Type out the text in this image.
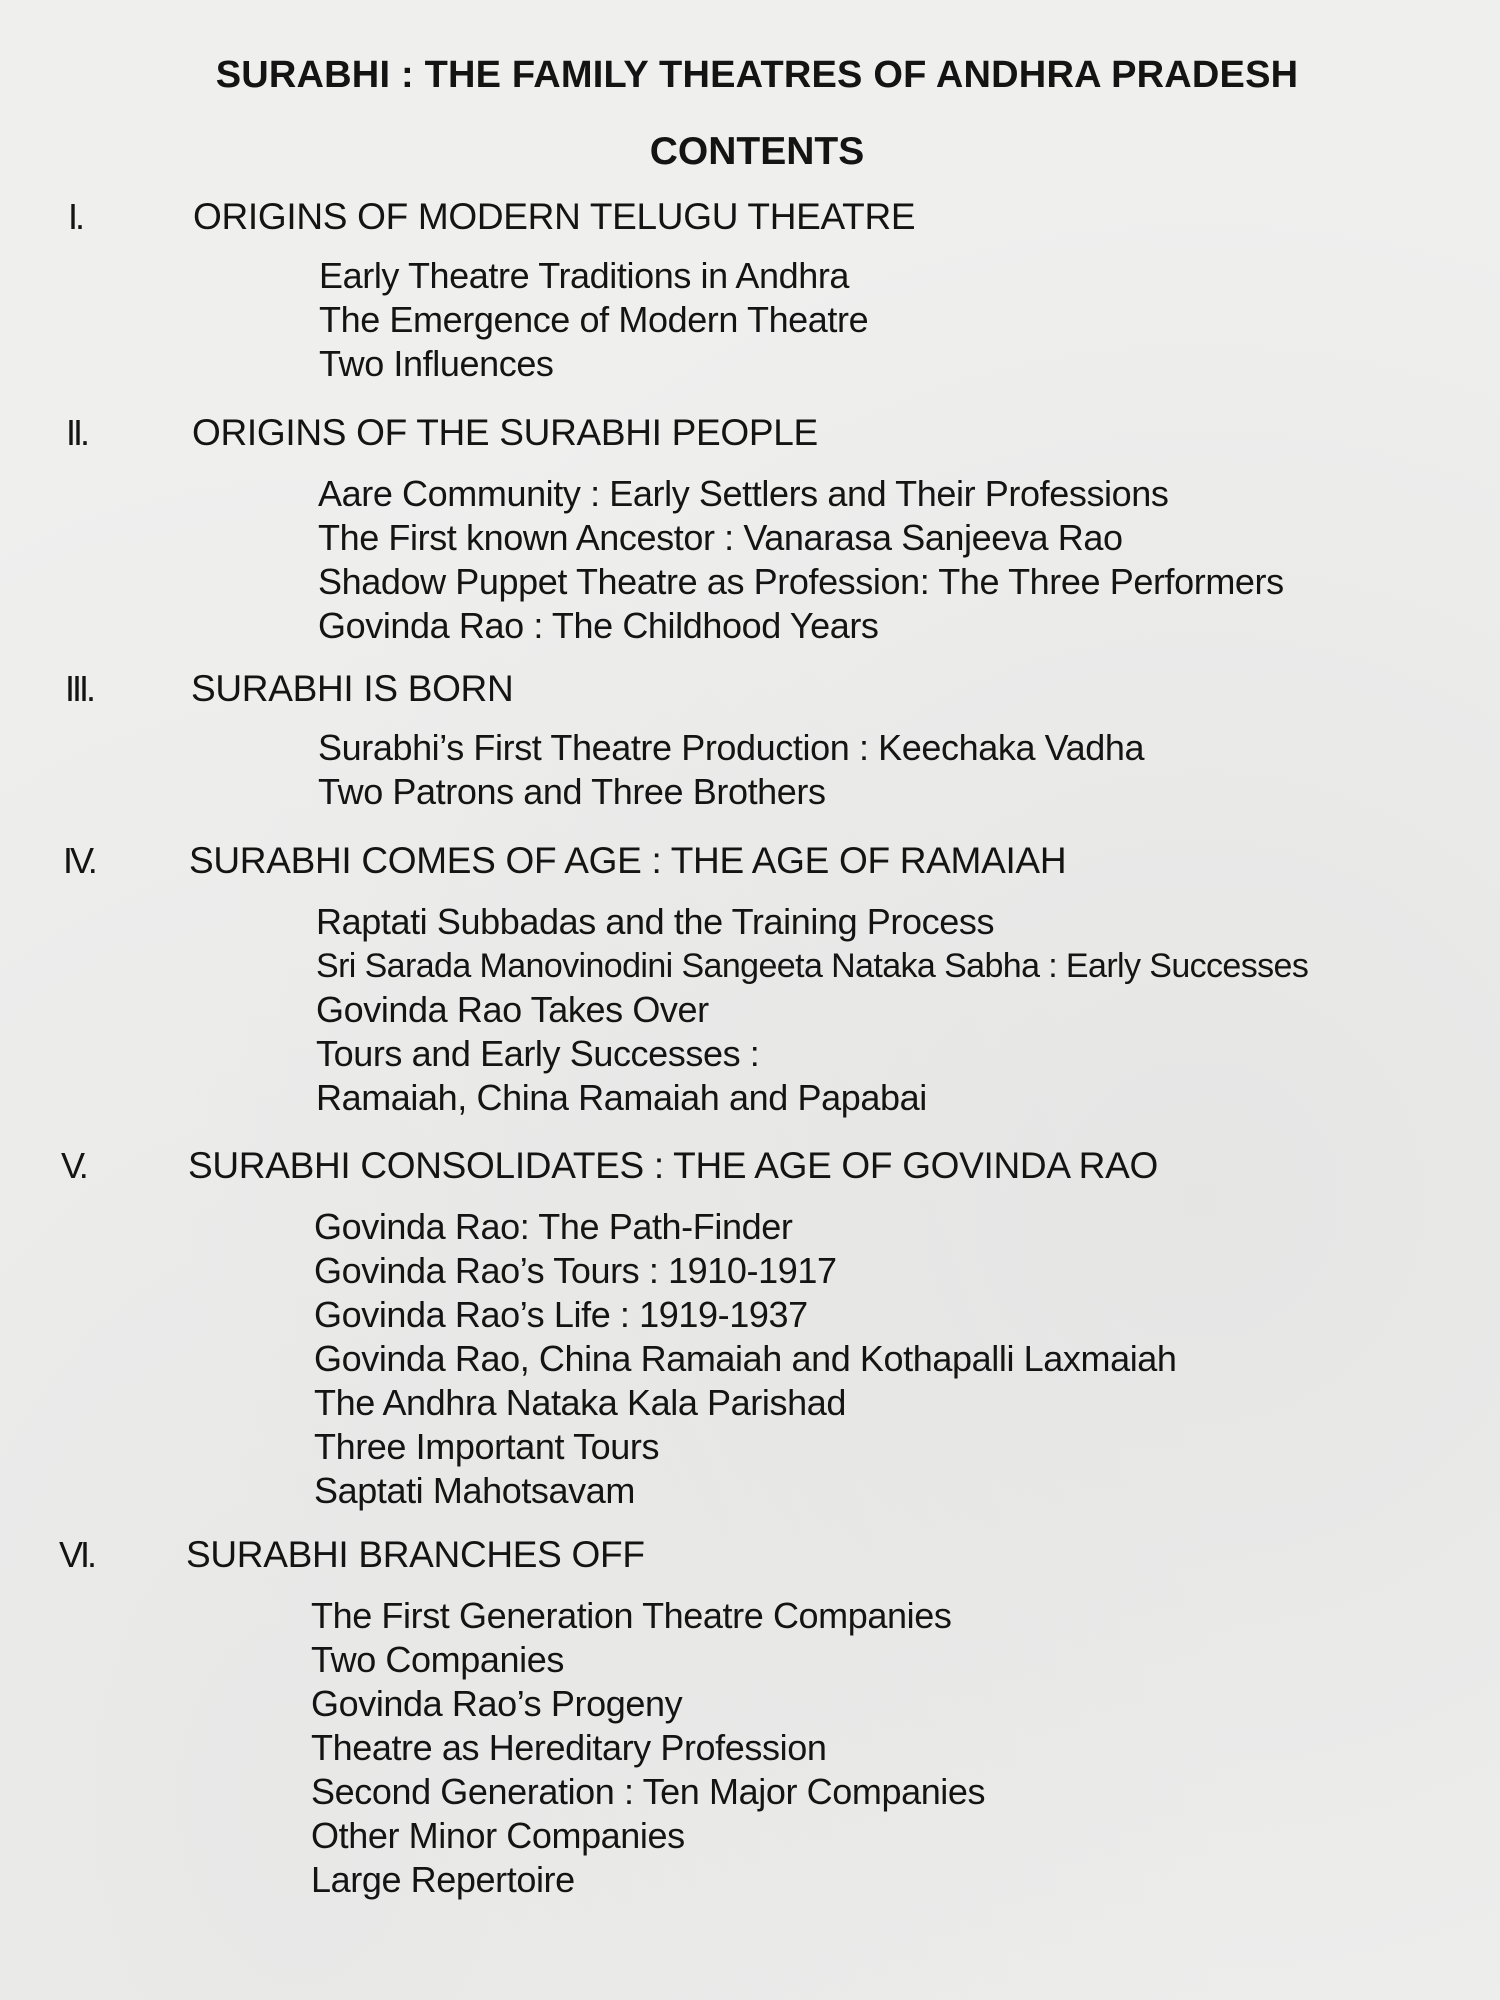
SURABHI : THE FAMILY THEATRES OF ANDHRA PRADESH
CONTENTS
I.	ORIGINS OF MODERN TELUGU THEATRE
Early Theatre Traditions in Andhra
The Emergence of Modern Theatre
Two Influences
II.	ORIGINS OF THE SURABHI PEOPLE
Aare Community : Early Settlers and Their Professions
The First known Ancestor : Vanarasa Sanjeeva Rao
Shadow Puppet Theatre as Profession: The Three Performers
Govinda Rao : The Childhood Years
III.	SURABHI IS BORN
Surabhi’s First Theatre Production : Keechaka Vadha
Two Patrons and Three Brothers
IV.	SURABHI COMES OF AGE : THE AGE OF RAMAIAH
Raptati Subbadas and the Training Process
Sri Sarada Manovinodini Sangeeta Nataka Sabha : Early Successes
Govinda Rao Takes Over
Tours and Early Successes :
Ramaiah, China Ramaiah and Papabai
V.	SURABHI CONSOLIDATES : THE AGE OF GOVINDA RAO
Govinda Rao: The Path-Finder
Govinda Rao’s Tours : 1910-1917
Govinda Rao’s Life : 1919-1937
Govinda Rao, China Ramaiah and Kothapalli Laxmaiah
The Andhra Nataka Kala Parishad
Three Important Tours
Saptati Mahotsavam
VI. SURABHI BRANCHES OFF
The First Generation Theatre Companies
Two Companies
Govinda Rao’s Progeny
Theatre as Hereditary Profession
Second Generation : Ten Major Companies
Other Minor Companies
Large Repertoire
